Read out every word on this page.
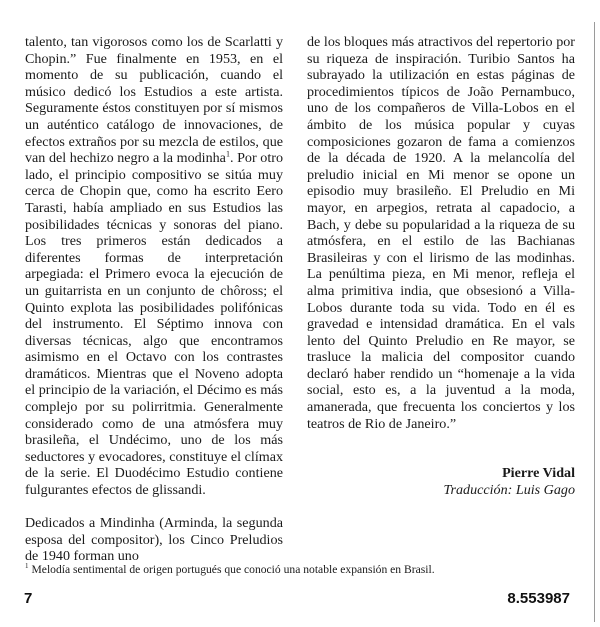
talento, tan vigorosos como los de Scarlatti y Chopin.” Fue finalmente en 1953, en el momento de su publicación, cuando el músico dedicó los Estudios a este artista. Seguramente éstos constituyen por sí mismos un auténtico catálogo de innovaciones, de efectos extraños por su mezcla de estilos, que van del hechizo negro a la modinha$^1$. Por otro lado, el principio compositivo se sitúa muy cerca de Chopin que, como ha escrito Eero Tarasti, había ampliado en sus Estudios las posibilidades técnicas y sonoras del piano. Los tres primeros están dedicados a diferentes formas de interpretación arpegiada: el Primero evoca la ejecución de un guitarrista en un conjunto de chôross; el Quinto explota las posibilidades polifónicas del instrumento. El Séptimo innova con diversas técnicas, algo que encontramos asimismo en el Octavo con los contrastes dramáticos. Mientras que el Noveno adopta el principio de la variación, el Décimo es más complejo por su polirritmia. Generalmente considerado como de una atmósfera muy brasileña, el Undécimo, uno de los más seductores y evocadores, constituye el clímax de la serie. El Duodécimo Estudio contiene fulgurantes efectos de glissandi.

Dedicados a Mindinha (Arminda, la segunda esposa del compositor), los Cinco Preludios de 1940 forman uno

de los bloques más atractivos del repertorio por su riqueza de inspiración. Turibio Santos ha subrayado la utilización en estas páginas de procedimientos típicos de João Pernambuco, uno de los compañeros de Villa-Lobos en el ámbito de los música popular y cuyas composiciones gozaron de fama a comienzos de la década de 1920. A la melancolía del preludio inicial en Mi menor se opone un episodio muy brasileño. El Preludio en Mi mayor, en arpegios, retrata al capadocio, a Bach, y debe su popularidad a la riqueza de su atmósfera, en el estilo de las Bachianas Brasileiras y con el lirismo de las modinhas. La penúltima pieza, en Mi menor, refleja el alma primitiva india, que obsesionó a Villa-Lobos durante toda su vida. Todo en él es gravedad e intensidad dramática. En el vals lento del Quinto Preludio en Re mayor, se trasluce la malicia del compositor cuando declaró haber rendido un “homenaje a la vida social, esto es, a la juventud a la moda, amanerada, que frecuenta los conciertos y los teatros de Rio de Janeiro.”

Pierre Vidal
Traducción: Luis Gago
$^1$ Melodía sentimental de origen portugués que conoció una notable expansión en Brasil.
7	8.553987
